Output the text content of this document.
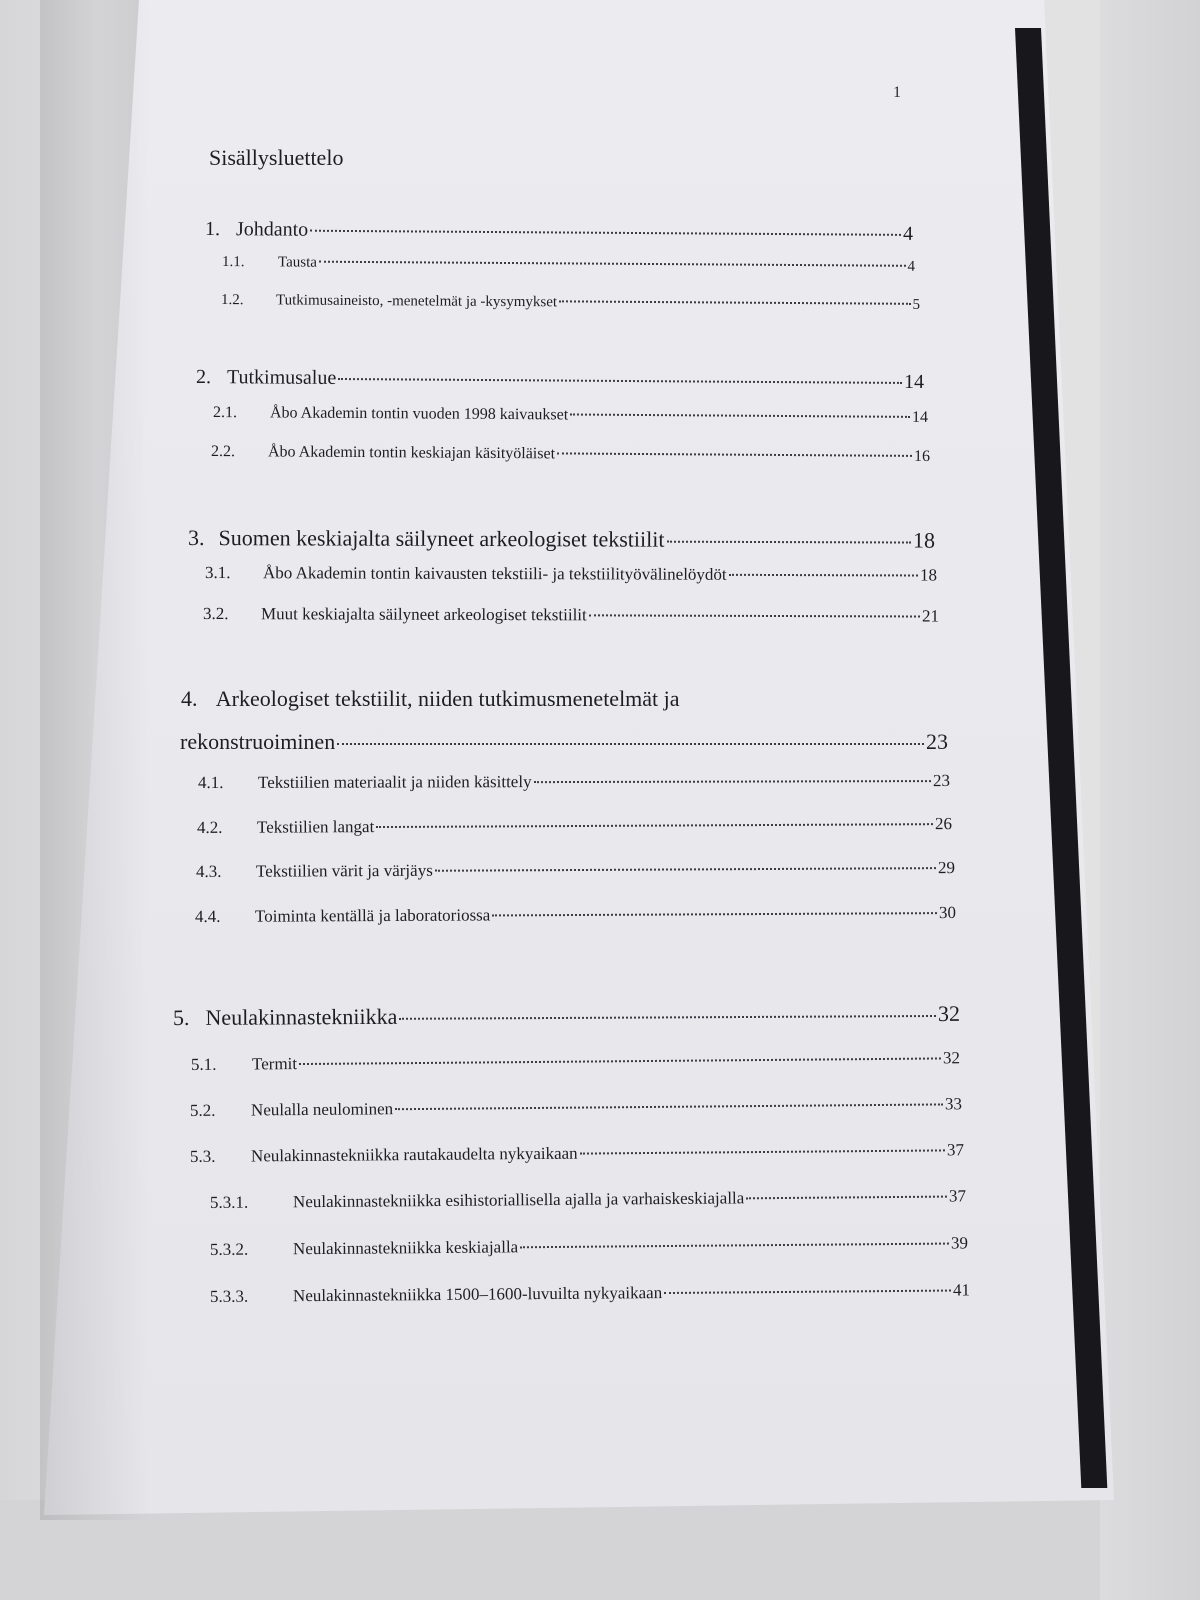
1
Sisällysluettelo
1. Johdanto	4
1.1.	Tausta	4
1.2.	Tutkimusaineisto, -menetelmät ja -kysymykset	5
2. Tutkimusalue	14
2.1.	Åbo Akademin tontin vuoden 1998 kaivaukset	14
2.2.	Åbo Akademin tontin keskiajan käsityöläiset	16
3. Suomen keskiajalta säilyneet arkeologiset tekstiilit	18
3.1.	Åbo Akademin tontin kaivausten tekstiili- ja tekstiilityövälinelöydöt	18
3.2.	Muut keskiajalta säilyneet arkeologiset tekstiilit	21
4. Arkeologiset tekstiilit, niiden tutkimusmenetelmät ja
rekonstruoiminen	23
4.1.	Tekstiilien materiaalit ja niiden käsittely	23
4.2.	Tekstiilien langat	26
4.3.	Tekstiilien värit ja värjäys	29
4.4.	Toiminta kentällä ja laboratoriossa	30
5. Neulakinnastekniikka	32
5.1.	Termit	32
5.2.	Neulalla neulominen	33
5.3.	Neulakinnastekniikka rautakaudelta nykyaikaan	37
5.3.1.	Neulakinnastekniikka esihistoriallisella ajalla ja varhaiskeskiajalla	37
5.3.2.	Neulakinnastekniikka keskiajalla	39
5.3.3.	Neulakinnastekniikka 1500–1600-luvuilta nykyaikaan	41
